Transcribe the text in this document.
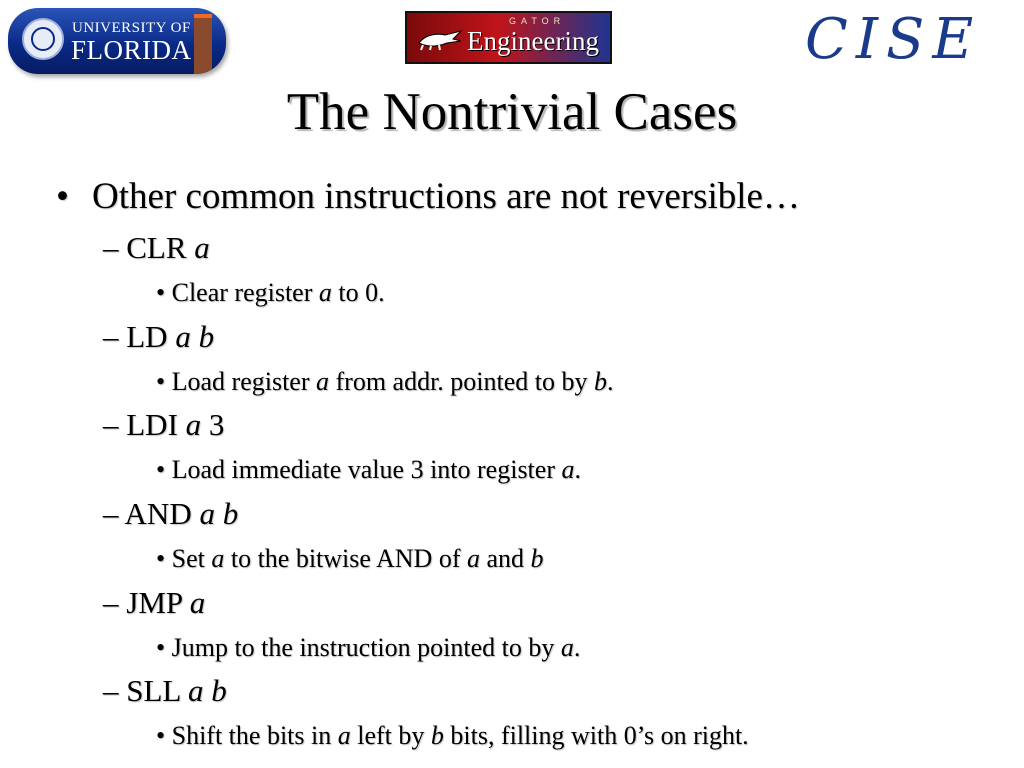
UNIVERSITY OF
FLORIDA
GATOR
Engineering	CISE
The Nontrivial Cases
• Other common instructions are not reversible…
– CLR a
• Clear register a to 0.
– LD a b
• Load register a from addr. pointed to by b.
– LDI a 3
• Load immediate value 3 into register a.
– AND a b
• Set a to the bitwise AND of a and b
– JMP a
• Jump to the instruction pointed to by a.
– SLL a b
• Shift the bits in a left by b bits, filling with 0’s on right.
